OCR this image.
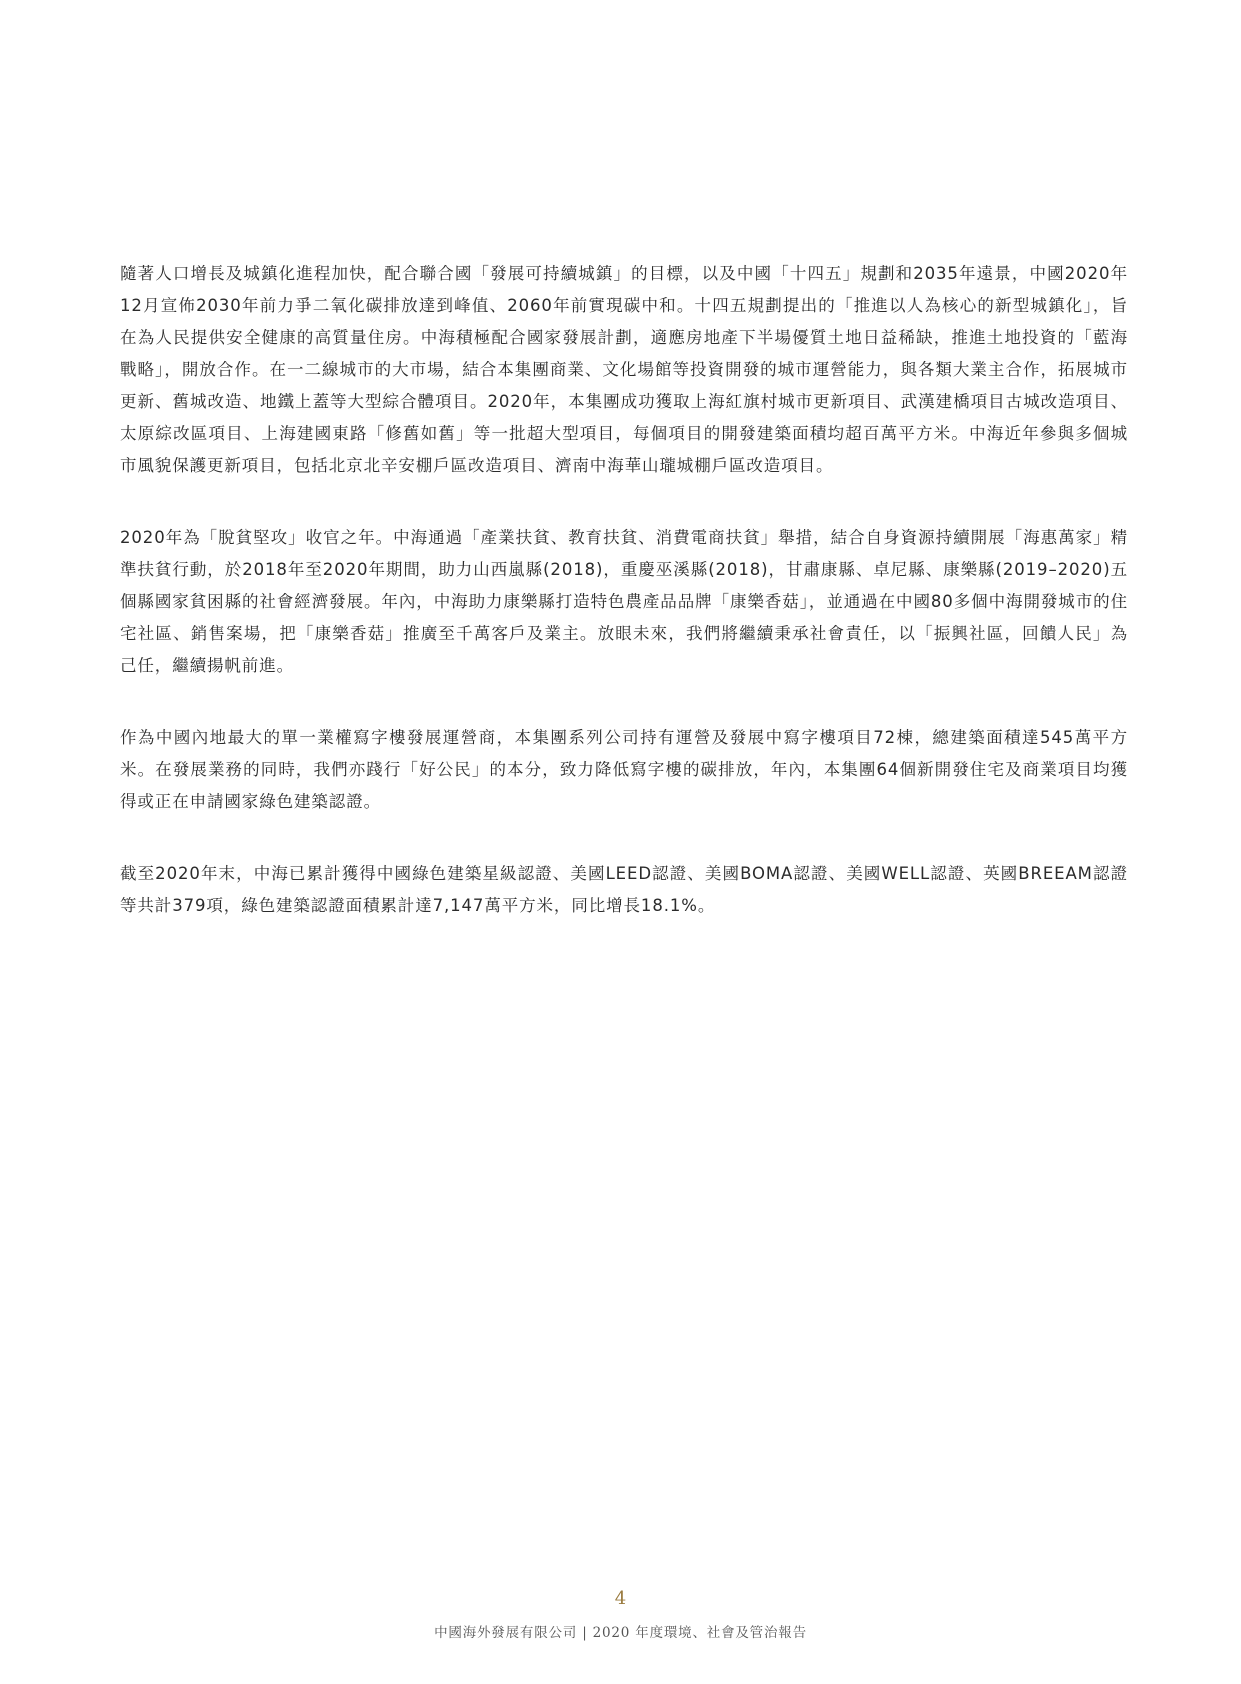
隨著人口增長及城鎮化進程加快，配合聯合國「發展可持續城鎮」的目標，以及中國「十四五」規劃和2035年遠景，中國2020年12月宣佈2030年前力爭二氧化碳排放達到峰值、2060年前實現碳中和。十四五規劃提出的「推進以人為核心的新型城鎮化」，旨在為人民提供安全健康的高質量住房。中海積極配合國家發展計劃，適應房地產下半場優質土地日益稀缺，推進土地投資的「藍海戰略」，開放合作。在一二線城市的大市場，結合本集團商業、文化場館等投資開發的城市運營能力，與各類大業主合作，拓展城市更新、舊城改造、地鐵上蓋等大型綜合體項目。2020年，本集團成功獲取上海紅旗村城市更新項目、武漢建橋項目古城改造項目、太原綜改區項目、上海建國東路「修舊如舊」等一批超大型項目，每個項目的開發建築面積均超百萬平方米。中海近年參與多個城市風貌保護更新項目，包括北京北辛安棚戶區改造項目、濟南中海華山瓏城棚戶區改造項目。

2020年為「脫貧堅攻」收官之年。中海通過「產業扶貧、教育扶貧、消費電商扶貧」舉措，結合自身資源持續開展「海惠萬家」精準扶貧行動，於2018年至2020年期間，助力山西嵐縣(2018)，重慶巫溪縣(2018)，甘肅康縣、卓尼縣、康樂縣(2019–2020)五個縣國家貧困縣的社會經濟發展。年內，中海助力康樂縣打造特色農產品品牌「康樂香菇」，並通過在中國80多個中海開發城市的住宅社區、銷售案場，把「康樂香菇」推廣至千萬客戶及業主。放眼未來，我們將繼續秉承社會責任，以「振興社區，回饋人民」為己任，繼續揚帆前進。

作為中國內地最大的單一業權寫字樓發展運營商，本集團系列公司持有運營及發展中寫字樓項目72棟，總建築面積達545萬平方米。在發展業務的同時，我們亦踐行「好公民」的本分，致力降低寫字樓的碳排放，年內，本集團64個新開發住宅及商業項目均獲得或正在申請國家綠色建築認證。

截至2020年末，中海已累計獲得中國綠色建築星級認證、美國LEED認證、美國BOMA認證、美國WELL認證、英國BREEAM認證等共計379項，綠色建築認證面積累計達7,147萬平方米，同比增長18.1%。

4
中國海外發展有限公司 | 2020 年度環境、社會及管治報告
